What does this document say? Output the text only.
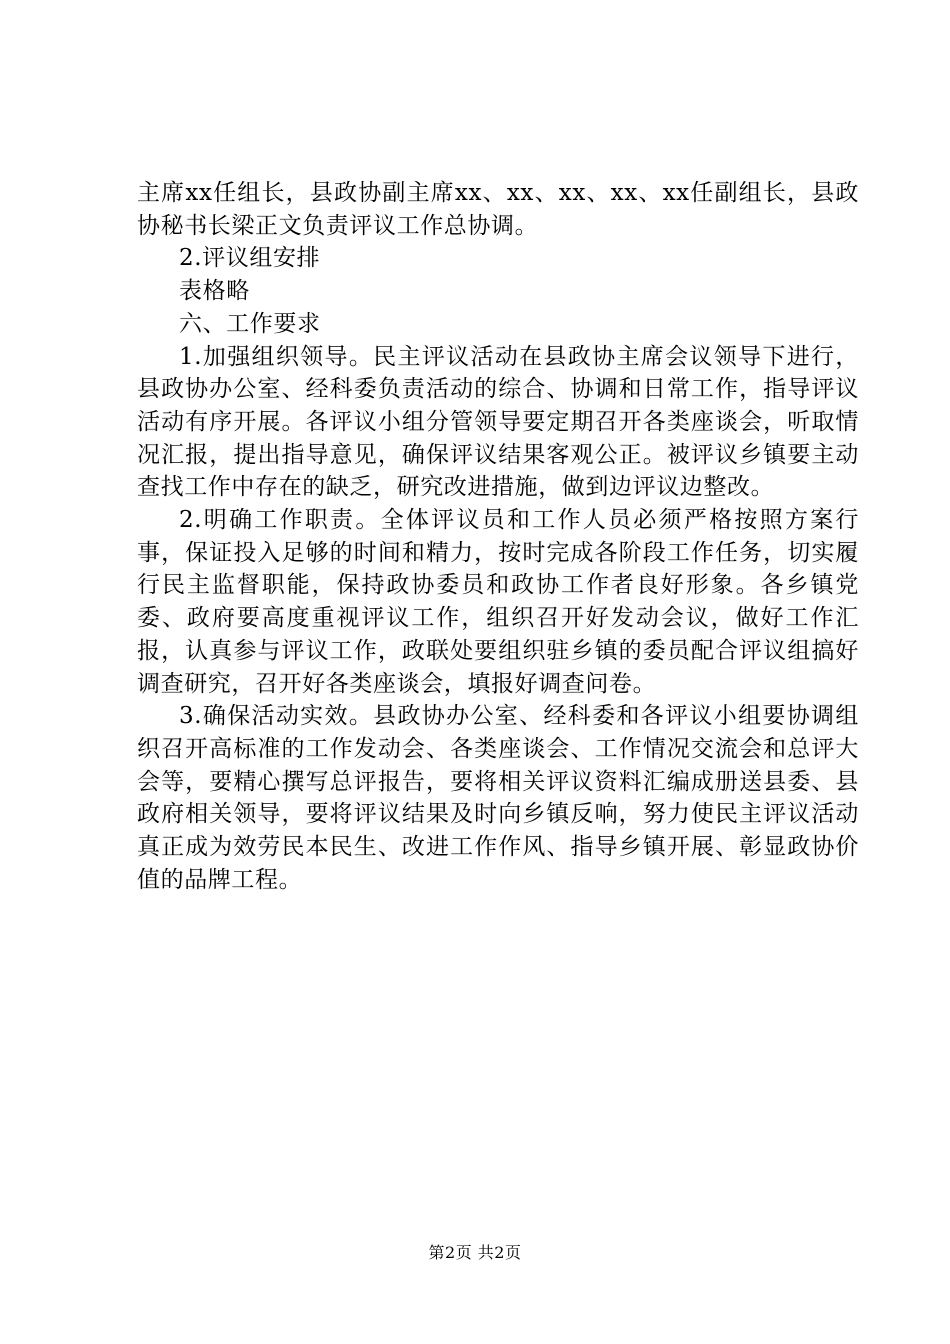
主席xx任组长，县政协副主席xx、xx、xx、xx、xx任副组长，县政协秘书长梁正文负责评议工作总协调。

2.评议组安排

表格略

六、工作要求

1.加强组织领导。民主评议活动在县政协主席会议领导下进行，县政协办公室、经科委负责活动的综合、协调和日常工作，指导评议活动有序开展。各评议小组分管领导要定期召开各类座谈会，听取情况汇报，提出指导意见，确保评议结果客观公正。被评议乡镇要主动查找工作中存在的缺乏，研究改进措施，做到边评议边整改。

2.明确工作职责。全体评议员和工作人员必须严格按照方案行事，保证投入足够的时间和精力，按时完成各阶段工作任务，切实履行民主监督职能，保持政协委员和政协工作者良好形象。各乡镇党委、政府要高度重视评议工作，组织召开好发动会议，做好工作汇报，认真参与评议工作，政联处要组织驻乡镇的委员配合评议组搞好调查研究，召开好各类座谈会，填报好调查问卷。

3.确保活动实效。县政协办公室、经科委和各评议小组要协调组织召开高标准的工作发动会、各类座谈会、工作情况交流会和总评大会等，要精心撰写总评报告，要将相关评议资料汇编成册送县委、县政府相关领导，要将评议结果及时向乡镇反响，努力使民主评议活动真正成为效劳民本民生、改进工作作风、指导乡镇开展、彰显政协价值的品牌工程。

第2页 共2页
